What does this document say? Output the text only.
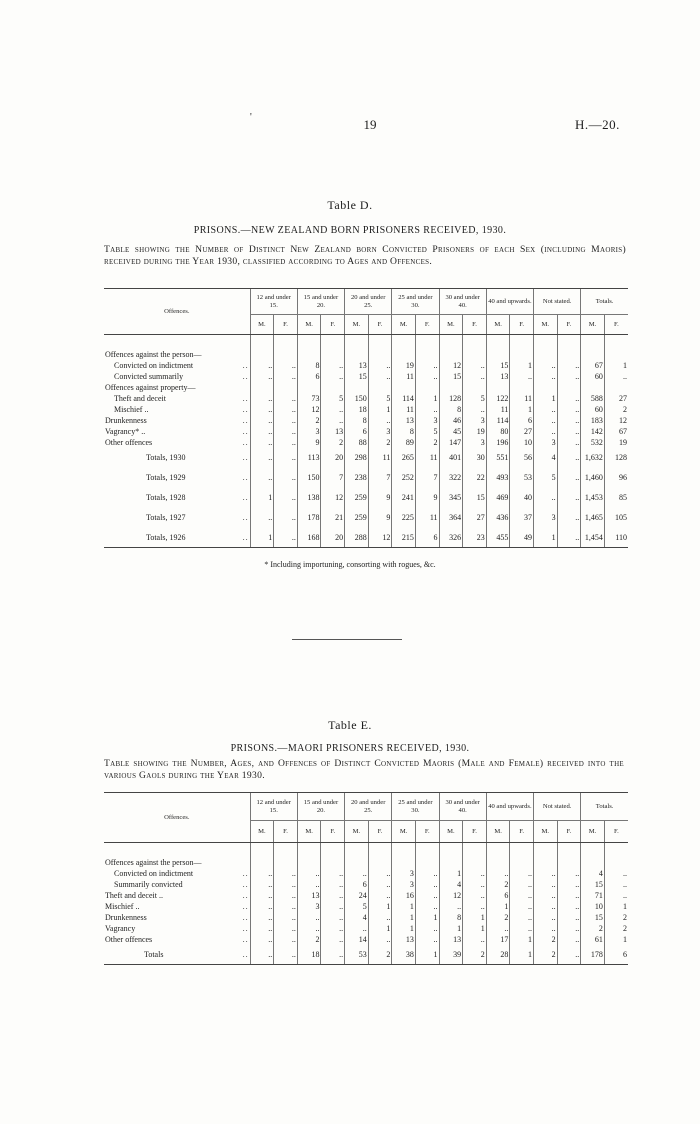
19	H.—20.
'
Table D.
PRISONS.—NEW ZEALAND BORN PRISONERS RECEIVED, 1930.
Table showing the Number of Distinct New Zealand born Convicted Prisoners of each Sex (including Maoris) received during the Year 1930, classified according to Ages and Offences.
Offences.		12 and under 15.		15 and under 20.		20 and under 25.		25 and under 30.		30 and under 40.		40 and upwards.		Not stated.		Totals.	
		M.	F.	M.	F.	M.	F.	M.	F.	M.	F.	M.	F.	M.	F.	M.	F.

Offences against the person—																	
Convicted on indictment	..	..	..	8	..	13	..	19	..	12	..	15	1	..	..	67	1
Convicted summarily	..	..	..	6	..	15	..	11	..	15	..	13	..	..	..	60	..
Offences against property—																	
Theft and deceit	..	..	..	73	5	150	5	114	1	128	5	122	11	1	..	588	27
Mischief ..	..	..	..	12	..	18	1	11	..	8	..	11	1	..	..	60	2
Drunkenness	..	..	..	2	..	8	..	13	3	46	3	114	6	..	..	183	12
Vagrancy* ..	..	..	..	3	13	6	3	8	5	45	19	80	27	..	..	142	67
Other offences	..	..	..	9	2	88	2	89	2	147	3	196	10	3	..	532	19
Totals, 1930	..	..	..	113	20	298	11	265	11	401	30	551	56	4	..	1,632	128
Totals, 1929	..	..	..	150	7	238	7	252	7	322	22	493	53	5	..	1,460	96
Totals, 1928	..	1	..	138	12	259	9	241	9	345	15	469	40	..	..	1,453	85
Totals, 1927	..	..	..	178	21	259	9	225	11	364	27	436	37	3	..	1,465	105
Totals, 1926	..	1	..	168	20	288	12	215	6	326	23	455	49	1	..	1,454	110
* Including importuning, consorting with rogues, &c.
Table E.
PRISONS.—MAORI PRISONERS RECEIVED, 1930.
Table showing the Number, Ages, and Offences of Distinct Convicted Maoris (Male and Female) received into the various Gaols during the Year 1930.
Offences.		12 and under 15.		15 and under 20.		20 and under 25.		25 and under 30.		30 and under 40.		40 and upwards.		Not stated.		Totals.	
		M.	F.	M.	F.	M.	F.	M.	F.	M.	F.	M.	F.	M.	F.	M.	F.

Offences against the person—																	
Convicted on indictment	..	..	..	..	..	..	..	3	..	1	..	..	..	..	..	4	..
Summarily convicted	..	..	..	..	..	6	..	3	..	4	..	2	..	..	..	15	..
Theft and deceit ..	..	..	..	13	..	24	..	16	..	12	..	6	..	..	..	71	..
Mischief ..	..	..	..	3	..	5	1	1	..	..	..	1	..	..	..	10	1
Drunkenness	..	..	..	..	..	4	..	1	1	8	1	2	..	..	..	15	2
Vagrancy	..	..	..	..	..	..	1	1	..	1	1	..	..	..	..	2	2
Other offences	..	..	..	2	..	14	..	13	..	13	..	17	1	2	..	61	1
Totals	..	..	..	18	..	53	2	38	1	39	2	28	1	2	..	178	6
